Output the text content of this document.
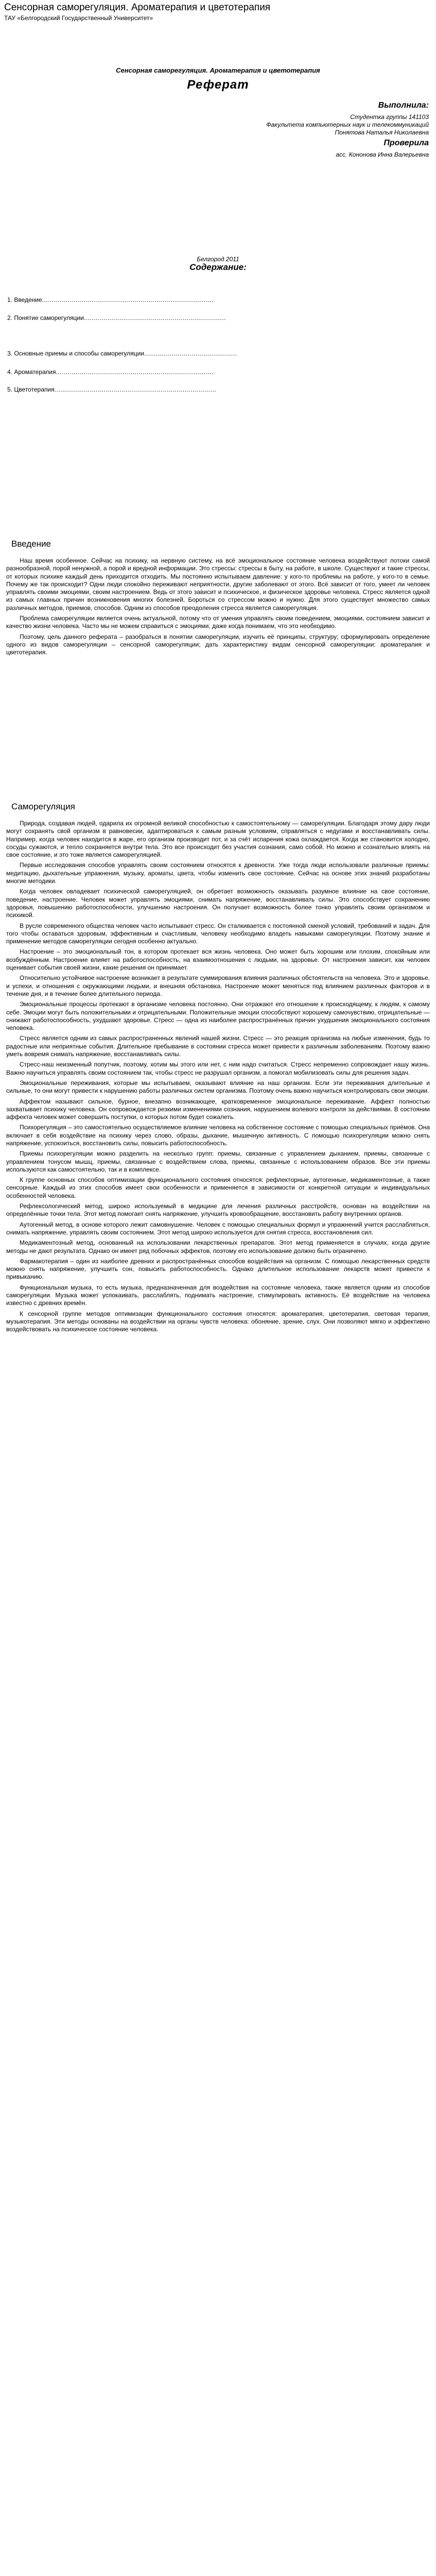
Сенсорная саморегуляция. Ароматерапия и цветотерапия
ТАУ «Белгородский Государственный Университет»
Сенсорная саморегуляция. Ароматерапия и цветотерапия
Реферат
Выполнила:
Студентка группы 141103
Факультета компьютерных наук и телекоммуникаций
Понятова Наталья Николаевна
Проверила
асс. Кононова Инна Валерьевна
Белгород 2011
Содержание:
1. Введение.......................................................................................
2. Понятие саморегуляции........................................................................
3. Основные приемы и способы саморегуляции...............................................
4. Ароматерапия................................................................................
5. Цветотерапия..................................................................................
Введение

Наш время особенное. Сейчас на психику, на нервную систему, на всё эмоциональное состояние человека воздействуют потоки самой разнообразной, порой ненужной, а порой и вредной информации. Это стрессы: стрессы в быту, на работе, в школе. Существуют и такие стрессы, от которых психике каждый день приходится отходить. Мы постоянно испытываем давление: у кого-то проблемы на работе, у кого-то в семье. Почему же так происходит? Одни люди спокойно переживают неприятности, другие заболевают от этого. Всё зависит от того, умеет ли человек управлять своими эмоциями, своим настроением. Ведь от этого зависит и психическое, и физическое здоровье человека. Стресс является одной из самых главных причин возникновения многих болезней. Бороться со стрессом можно и нужно. Для этого существует множество самых различных методов, приемов, способов. Одним из способов преодоления стресса является саморегуляция.

Проблема саморегуляции является очень актуальной, потому что от умения управлять своим поведением, эмоциями, состоянием зависит и качество жизни человека. Часто мы не можем справиться с эмоциями, даже когда понимаем, что это необходимо.

Поэтому, цель данного реферата – разобраться в понятии саморегуляции, изучить её принципы, структуру; сформулировать определение одного из видов саморегуляции – сенсорной саморегуляции; дать характеристику видам сенсорной саморегуляции: ароматерапия и цветотерапия.

Саморегуляция

Природа, создавая людей, одарила их огромной великой способностью к самостоятельному — саморегуляции. Благодаря этому дару люди могут сохранять свой организм в равновесии, адаптироваться к самым разным условиям, справляться с недугами и восстанавливать силы. Например, когда человек находится в жаре, его организм производит пот, и за счёт испарения кожа охлаждается. Когда же становится холодно, сосуды сужаются, и тепло сохраняется внутри тела. Это все происходит без участия сознания, само собой. Но можно и сознательно влиять на свое состояние, и это тоже является саморегуляцией.

Первые исследования способов управлять своим состоянием относятся к древности. Уже тогда люди использовали различные приемы: медитацию, дыхательные упражнения, музыку, ароматы, цвета, чтобы изменить свое состояние. Сейчас на основе этих знаний разработаны многие методики.

Когда человек овладевает психической саморегуляцией, он обретает возможность оказывать разумное влияние на свое состояние, поведение, настроение. Человек может управлять эмоциями, снимать напряжение, восстанавливать силы. Это способствует сохранению здоровья, повышению работоспособности, улучшению настроения. Он получает возможность более тонко управлять своим организмом и психикой.

В русле современного общества человек часто испытывает стресс. Он сталкивается с постоянной сменой условий, требований и задач. Для того чтобы оставаться здоровым, эффективным и счастливым, человеку необходимо владеть навыками саморегуляции. Поэтому знание и применение методов саморегуляции сегодня особенно актуально.

Настроение – это эмоциональный тон, в котором протекает вся жизнь человека. Оно может быть хорошим или плохим, спокойным или возбуждённым. Настроение влияет на работоспособность, на взаимоотношения с людьми, на здоровье. От настроения зависит, как человек оценивает события своей жизни, какие решения он принимает.

Относительно устойчивое настроение возникает в результате суммирования влияния различных обстоятельств на человека. Это и здоровье, и успехи, и отношения с окружающими людьми, и внешняя обстановка. Настроение может меняться под влиянием различных факторов и в течение дня, и в течение более длительного периода.

Эмоциональные процессы протекают в организме человека постоянно. Они отражают его отношение к происходящему, к людям, к самому себе. Эмоции могут быть положительными и отрицательными. Положительные эмоции способствуют хорошему самочувствию, отрицательные — снижают работоспособность, ухудшают здоровье. Стресс — одна из наиболее распространённых причин ухудшения эмоционального состояния человека.

Стресс является одним из самых распространенных явлений нашей жизни. Стресс — это реакция организма на любые изменения, будь то радостные или неприятные события. Длительное пребывание в состоянии стресса может привести к различным заболеваниям. Поэтому важно уметь вовремя снимать напряжение, восстанавливать силы.

Стресс-наш неизменный попутчик, поэтому, хотим мы этого или нет, с ним надо считаться. Стресс непременно сопровождает нашу жизнь. Важно научиться управлять своим состоянием так, чтобы стресс не разрушал организм, а помогал мобилизовать силы для решения задач.

Эмоциональные переживания, которые мы испытываем, оказывают влияние на наш организм. Если эти переживания длительные и сильные, то они могут привести к нарушению работы различных систем организма. Поэтому очень важно научиться контролировать свои эмоции.

Аффектом называют сильное, бурное, внезапно возникающее, кратковременное эмоциональное переживание. Аффект полностью захватывает психику человека. Он сопровождается резкими изменениями сознания, нарушением волевого контроля за действиями. В состоянии аффекта человек может совершить поступки, о которых потом будет сожалеть.

Психорегуляция – это самостоятельно осуществляемое влияние человека на собственное состояние с помощью специальных приёмов. Она включает в себя воздействие на психику через слово, образы, дыхание, мышечную активность. С помощью психорегуляции можно снять напряжение, успокоиться, восстановить силы, повысить работоспособность.

Приемы психорегуляции можно разделить на несколько групп: приемы, связанные с управлением дыханием, приемы, связанные с управлением тонусом мышц, приемы, связанные с воздействием слова, приемы, связанные с использованием образов. Все эти приемы используются как самостоятельно, так и в комплексе.

К группе основных способов оптимизации функционального состояния относятся: рефлекторные, аутогенные, медикаментозные, а также сенсорные. Каждый из этих способов имеет свои особенности и применяется в зависимости от конкретной ситуации и индивидуальных особенностей человека.

Рефлексологический метод, широко используемый в медицине для лечения различных расстройств, основан на воздействии на определённые точки тела. Этот метод помогает снять напряжение, улучшить кровообращение, восстановить работу внутренних органов.

Аутогенный метод, в основе которого лежит самовнушение. Человек с помощью специальных формул и упражнений учится расслабляться, снимать напряжение, управлять своим состоянием. Этот метод широко используется для снятия стресса, восстановления сил.

Медикаментозный метод, основанный на использовании лекарственных препаратов. Этот метод применяется в случаях, когда другие методы не дают результата. Однако он имеет ряд побочных эффектов, поэтому его использование должно быть ограничено.

Фармакотерапия – один из наиболее древних и распространённых способов воздействия на организм. С помощью лекарственных средств можно снять напряжение, улучшить сон, повысить работоспособность. Однако длительное использование лекарств может привести к привыканию.

Функциональная музыка, то есть музыка, предназначенная для воздействия на состояние человека, также является одним из способов саморегуляции. Музыка может успокаивать, расслаблять, поднимать настроение, стимулировать активность. Её воздействие на человека известно с древних времён.

К сенсорной группе методов оптимизации функционального состояния относятся: ароматерапия, цветотерапия, световая терапия, музыкотерапия. Эти методы основаны на воздействии на органы чувств человека: обоняние, зрение, слух. Они позволяют мягко и эффективно воздействовать на психическое состояние человека.
